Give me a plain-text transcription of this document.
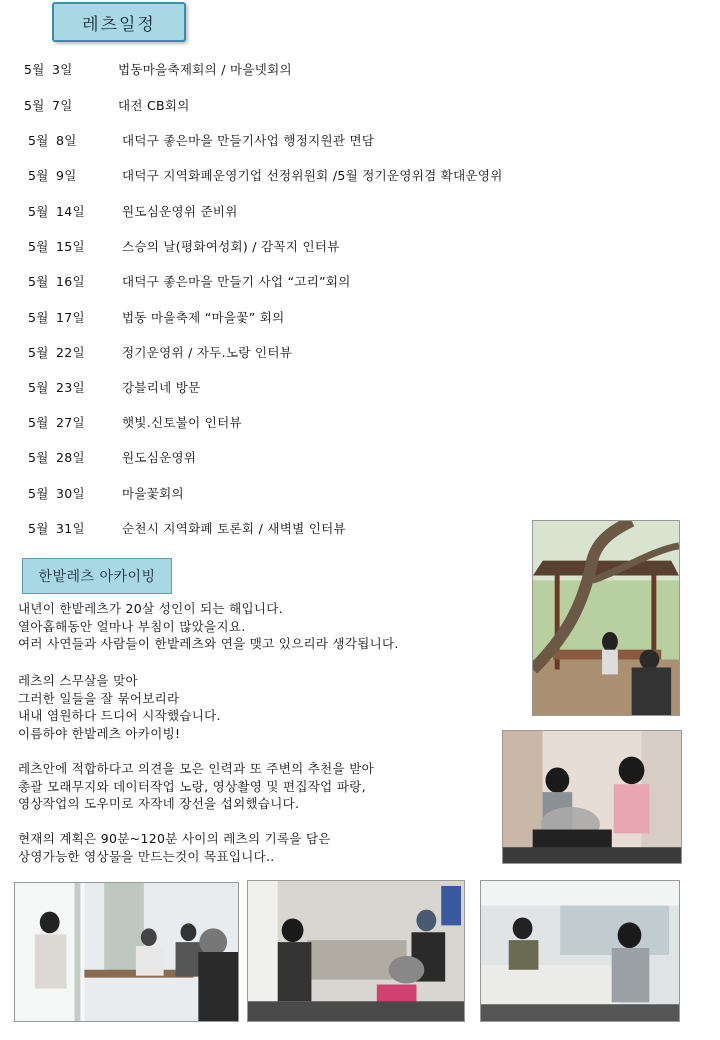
레츠일정
5월 3일	법동마을축제회의 / 마을넷회의
5월 7일	대전 CB회의
5월 8일	대덕구 좋은마을 만들기사업 행정지원관 면담
5월 9일	대덕구 지역화폐운영기업 선정위원회 /5월 정기운영위겸 확대운영위
5월 14일	원도심운영위 준비위
5월 15일	스승의 날(평화여성회) / 감꼭지 인터뷰
5월 16일	대덕구 좋은마을 만들기 사업 “고리”회의
5월 17일	법동 마을축제 “마을꽃” 회의
5월 22일	정기운영위 / 자두.노랑 인터뷰
5월 23일	강블리네 방문
5월 27일	햇빛.신토불이 인터뷰
5월 28일	원도심운영위
5월 30일	마을꽃회의
5월 31일	순천시 지역화폐 토론회 / 새벽별 인터뷰
한밭레츠 아카이빙
내년이 한밭레츠가 20살 성인이 되는 해입니다.
열아홉해동안 얼마나 부침이 많았을지요.
여러 사연들과 사람들이 한밭레츠와 연을 맺고 있으리라 생각됩니다.
레츠의 스무살을 맞아
그러한 일들을 잘 묶어보리라
내내 염원하다 드디어 시작했습니다.
이름하야 한밭레츠 아카이빙!
레츠안에 적합하다고 의견을 모은 인력과 또 주변의 추천을 받아
총괄 모래무지와 데이터작업 노랑, 영상촬영 및 편집작업 파랑,
영상작업의 도우미로 자작네 장선을 섭외했습니다.
현재의 계획은 90분~120분 사이의 레츠의 기록을 담은
상영가능한 영상물을 만드는것이 목표입니다..
